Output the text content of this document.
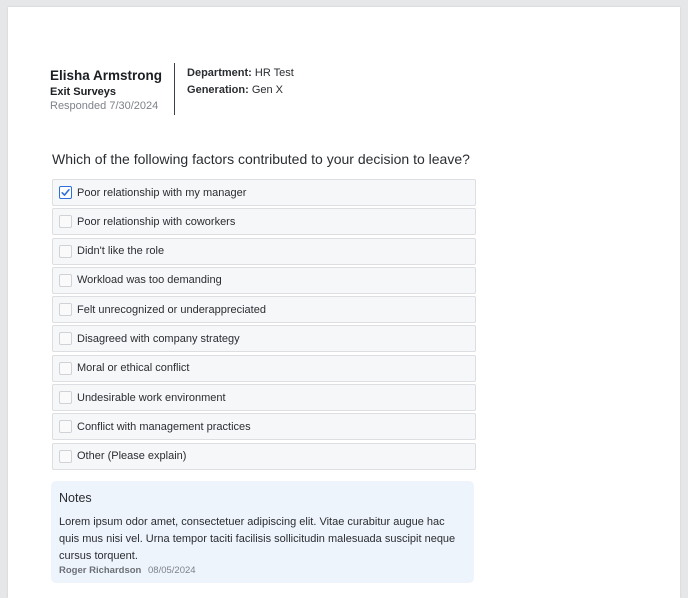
Elisha Armstrong
Exit Surveys
Responded 7/30/2024
Department: HR Test
Generation: Gen X
Which of the following factors contributed to your decision to leave?
Poor relationship with my manager
Poor relationship with coworkers
Didn't like the role
Workload was too demanding
Felt unrecognized or underappreciated
Disagreed with company strategy
Moral or ethical conflict
Undesirable work environment
Conflict with management practices
Other (Please explain)
Notes
Lorem ipsum odor amet, consectetuer adipiscing elit. Vitae curabitur augue hac quis mus nisi vel. Urna tempor taciti facilisis sollicitudin malesuada suscipit neque cursus torquent.
Roger Richardson 08/05/2024
